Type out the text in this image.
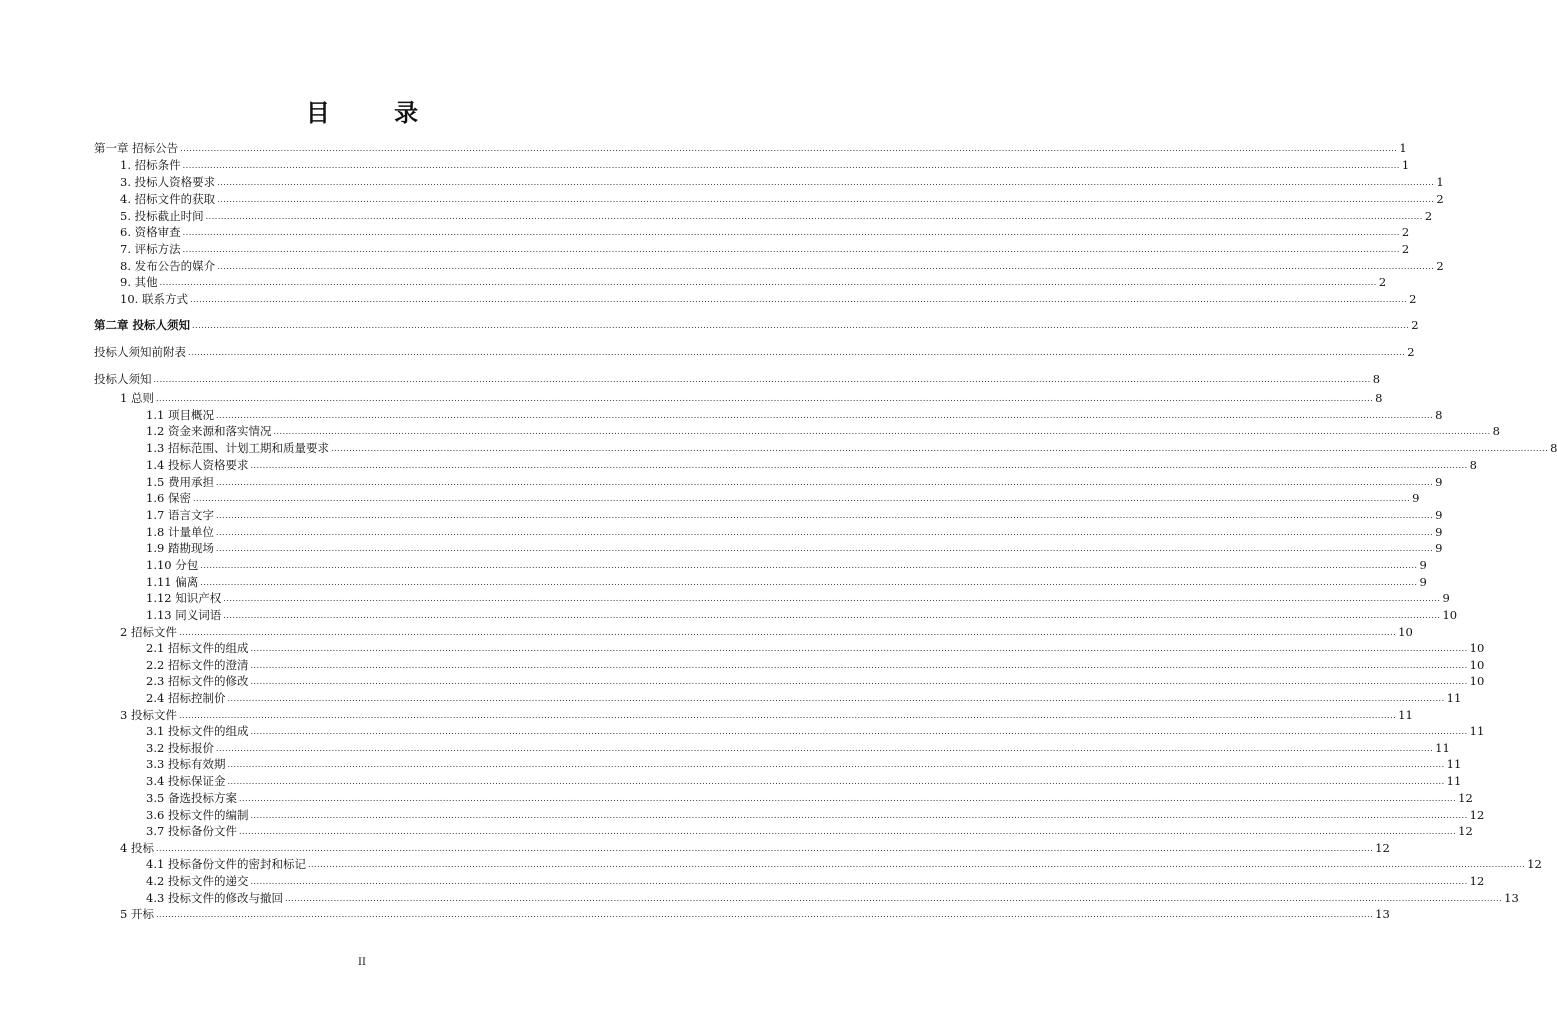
目 录
第一章 招标公告 ................................................................................................................................................................................................................................................................................................................................................................................................................ 1
1. 招标条件 ................................................................................................................................................................................................................................................................................................................................................................................................................ 1
3. 投标人资格要求 ................................................................................................................................................................................................................................................................................................................................................................................................................ 1
4. 招标文件的获取 ................................................................................................................................................................................................................................................................................................................................................................................................................ 2
5. 投标截止时间 ................................................................................................................................................................................................................................................................................................................................................................................................................ 2
6. 资格审查 ................................................................................................................................................................................................................................................................................................................................................................................................................ 2
7. 评标方法 ................................................................................................................................................................................................................................................................................................................................................................................................................ 2
8. 发布公告的媒介 ................................................................................................................................................................................................................................................................................................................................................................................................................ 2
9. 其他 ................................................................................................................................................................................................................................................................................................................................................................................................................ 2
10. 联系方式 ................................................................................................................................................................................................................................................................................................................................................................................................................ 2
第二章 投标人须知 ................................................................................................................................................................................................................................................................................................................................................................................................................ 2
投标人须知前附表 ................................................................................................................................................................................................................................................................................................................................................................................................................ 2
投标人须知 ................................................................................................................................................................................................................................................................................................................................................................................................................ 8
1 总则 ................................................................................................................................................................................................................................................................................................................................................................................................................ 8
1.1 项目概况 ................................................................................................................................................................................................................................................................................................................................................................................................................ 8
1.2 资金来源和落实情况 ................................................................................................................................................................................................................................................................................................................................................................................................................ 8
1.3 招标范围、计划工期和质量要求 ................................................................................................................................................................................................................................................................................................................................................................................................................ 8
1.4 投标人资格要求 ................................................................................................................................................................................................................................................................................................................................................................................................................ 8
1.5 费用承担 ................................................................................................................................................................................................................................................................................................................................................................................................................ 9
1.6 保密 ................................................................................................................................................................................................................................................................................................................................................................................................................ 9
1.7 语言文字 ................................................................................................................................................................................................................................................................................................................................................................................................................ 9
1.8 计量单位 ................................................................................................................................................................................................................................................................................................................................................................................................................ 9
1.9 踏勘现场 ................................................................................................................................................................................................................................................................................................................................................................................................................ 9
1.10 分包 ................................................................................................................................................................................................................................................................................................................................................................................................................ 9
1.11 偏离 ................................................................................................................................................................................................................................................................................................................................................................................................................ 9
1.12 知识产权 ................................................................................................................................................................................................................................................................................................................................................................................................................ 9
1.13 同义词语 ................................................................................................................................................................................................................................................................................................................................................................................................................ 10
2 招标文件 ................................................................................................................................................................................................................................................................................................................................................................................................................ 10
2.1 招标文件的组成 ................................................................................................................................................................................................................................................................................................................................................................................................................ 10
2.2 招标文件的澄清 ................................................................................................................................................................................................................................................................................................................................................................................................................ 10
2.3 招标文件的修改 ................................................................................................................................................................................................................................................................................................................................................................................................................ 10
2.4 招标控制价 ................................................................................................................................................................................................................................................................................................................................................................................................................ 11
3 投标文件 ................................................................................................................................................................................................................................................................................................................................................................................................................ 11
3.1 投标文件的组成 ................................................................................................................................................................................................................................................................................................................................................................................................................ 11
3.2 投标报价 ................................................................................................................................................................................................................................................................................................................................................................................................................ 11
3.3 投标有效期 ................................................................................................................................................................................................................................................................................................................................................................................................................ 11
3.4 投标保证金 ................................................................................................................................................................................................................................................................................................................................................................................................................ 11
3.5 备选投标方案 ................................................................................................................................................................................................................................................................................................................................................................................................................ 12
3.6 投标文件的编制 ................................................................................................................................................................................................................................................................................................................................................................................................................ 12
3.7 投标备份文件 ................................................................................................................................................................................................................................................................................................................................................................................................................ 12
4 投标 ................................................................................................................................................................................................................................................................................................................................................................................................................ 12
4.1 投标备份文件的密封和标记 ................................................................................................................................................................................................................................................................................................................................................................................................................ 12
4.2 投标文件的递交 ................................................................................................................................................................................................................................................................................................................................................................................................................ 12
4.3 投标文件的修改与撤回 ................................................................................................................................................................................................................................................................................................................................................................................................................ 13
5 开标 ................................................................................................................................................................................................................................................................................................................................................................................................................ 13
II
